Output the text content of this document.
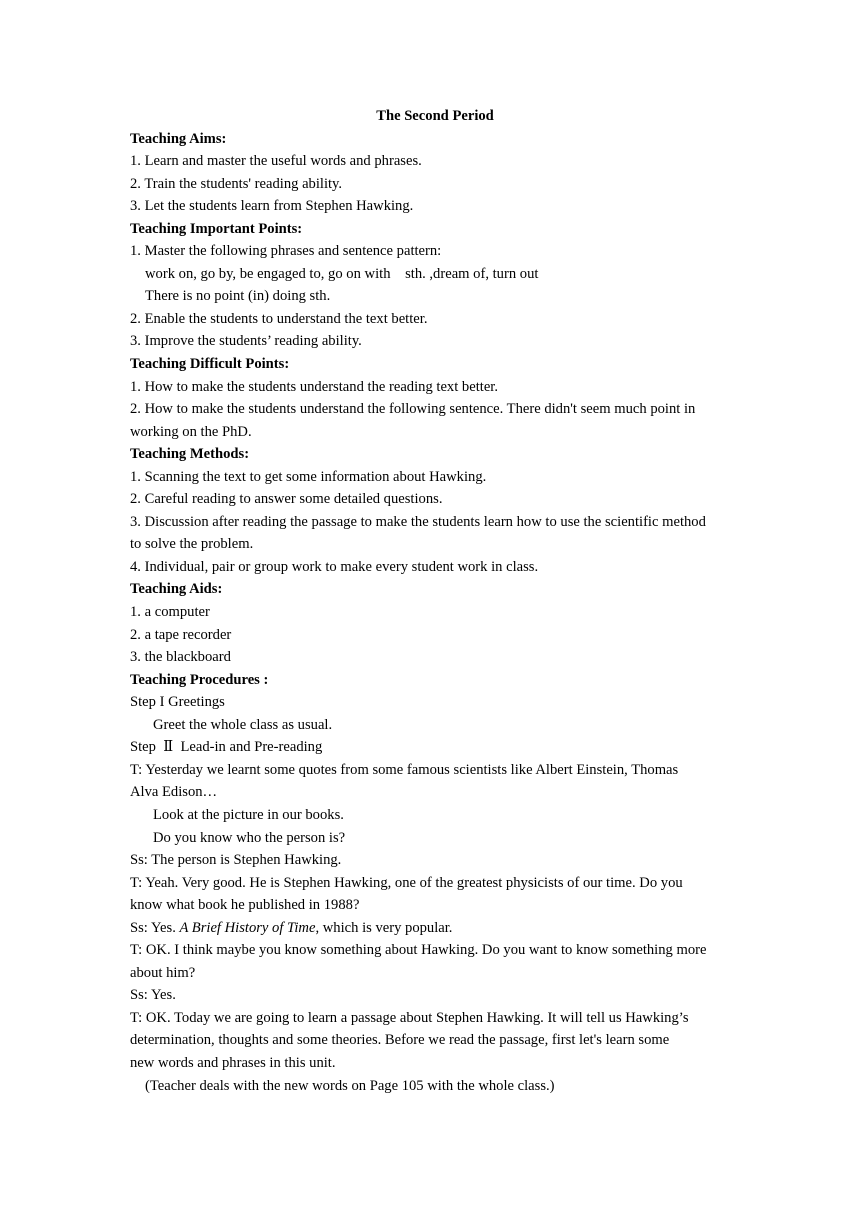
The Second Period

Teaching Aims:

1. Learn and master the useful words and phrases.

2. Train the students' reading ability.

3. Let the students learn from Stephen Hawking.

Teaching Important Points:

1. Master the following phrases and sentence pattern:

work on, go by, be engaged to, go on with    sth. ,dream of, turn out

There is no point (in) doing sth.

2. Enable the students to understand the text better.

3. Improve the students’ reading ability.

Teaching Difficult Points:

1. How to make the students understand the reading text better.

2. How to make the students understand the following sentence. There didn't seem much point in

working on the PhD.

Teaching Methods:

1. Scanning the text to get some information about Hawking.

2. Careful reading to answer some detailed questions.

3. Discussion after reading the passage to make the students learn how to use the scientific method

to solve the problem.

4. Individual, pair or group work to make every student work in class.

Teaching Aids:

1. a computer

2. a tape recorder

3. the blackboard

Teaching Procedures :

Step I Greetings

Greet the whole class as usual.

Step  Ⅱ  Lead-in and Pre-reading

T: Yesterday we learnt some quotes from some famous scientists like Albert Einstein, Thomas

Alva Edison…

Look at the picture in our books.

Do you know who the person is?

Ss: The person is Stephen Hawking.

T: Yeah. Very good. He is Stephen Hawking, one of the greatest physicists of our time. Do you

know what book he published in 1988?

Ss: Yes. A Brief History of Time, which is very popular.

T: OK. I think maybe you know something about Hawking. Do you want to know something more

about him?

Ss: Yes.

T: OK. Today we are going to learn a passage about Stephen Hawking. It will tell us Hawking’s

determination, thoughts and some theories. Before we read the passage, first let's learn some

new words and phrases in this unit.

(Teacher deals with the new words on Page 105 with the whole class.)
